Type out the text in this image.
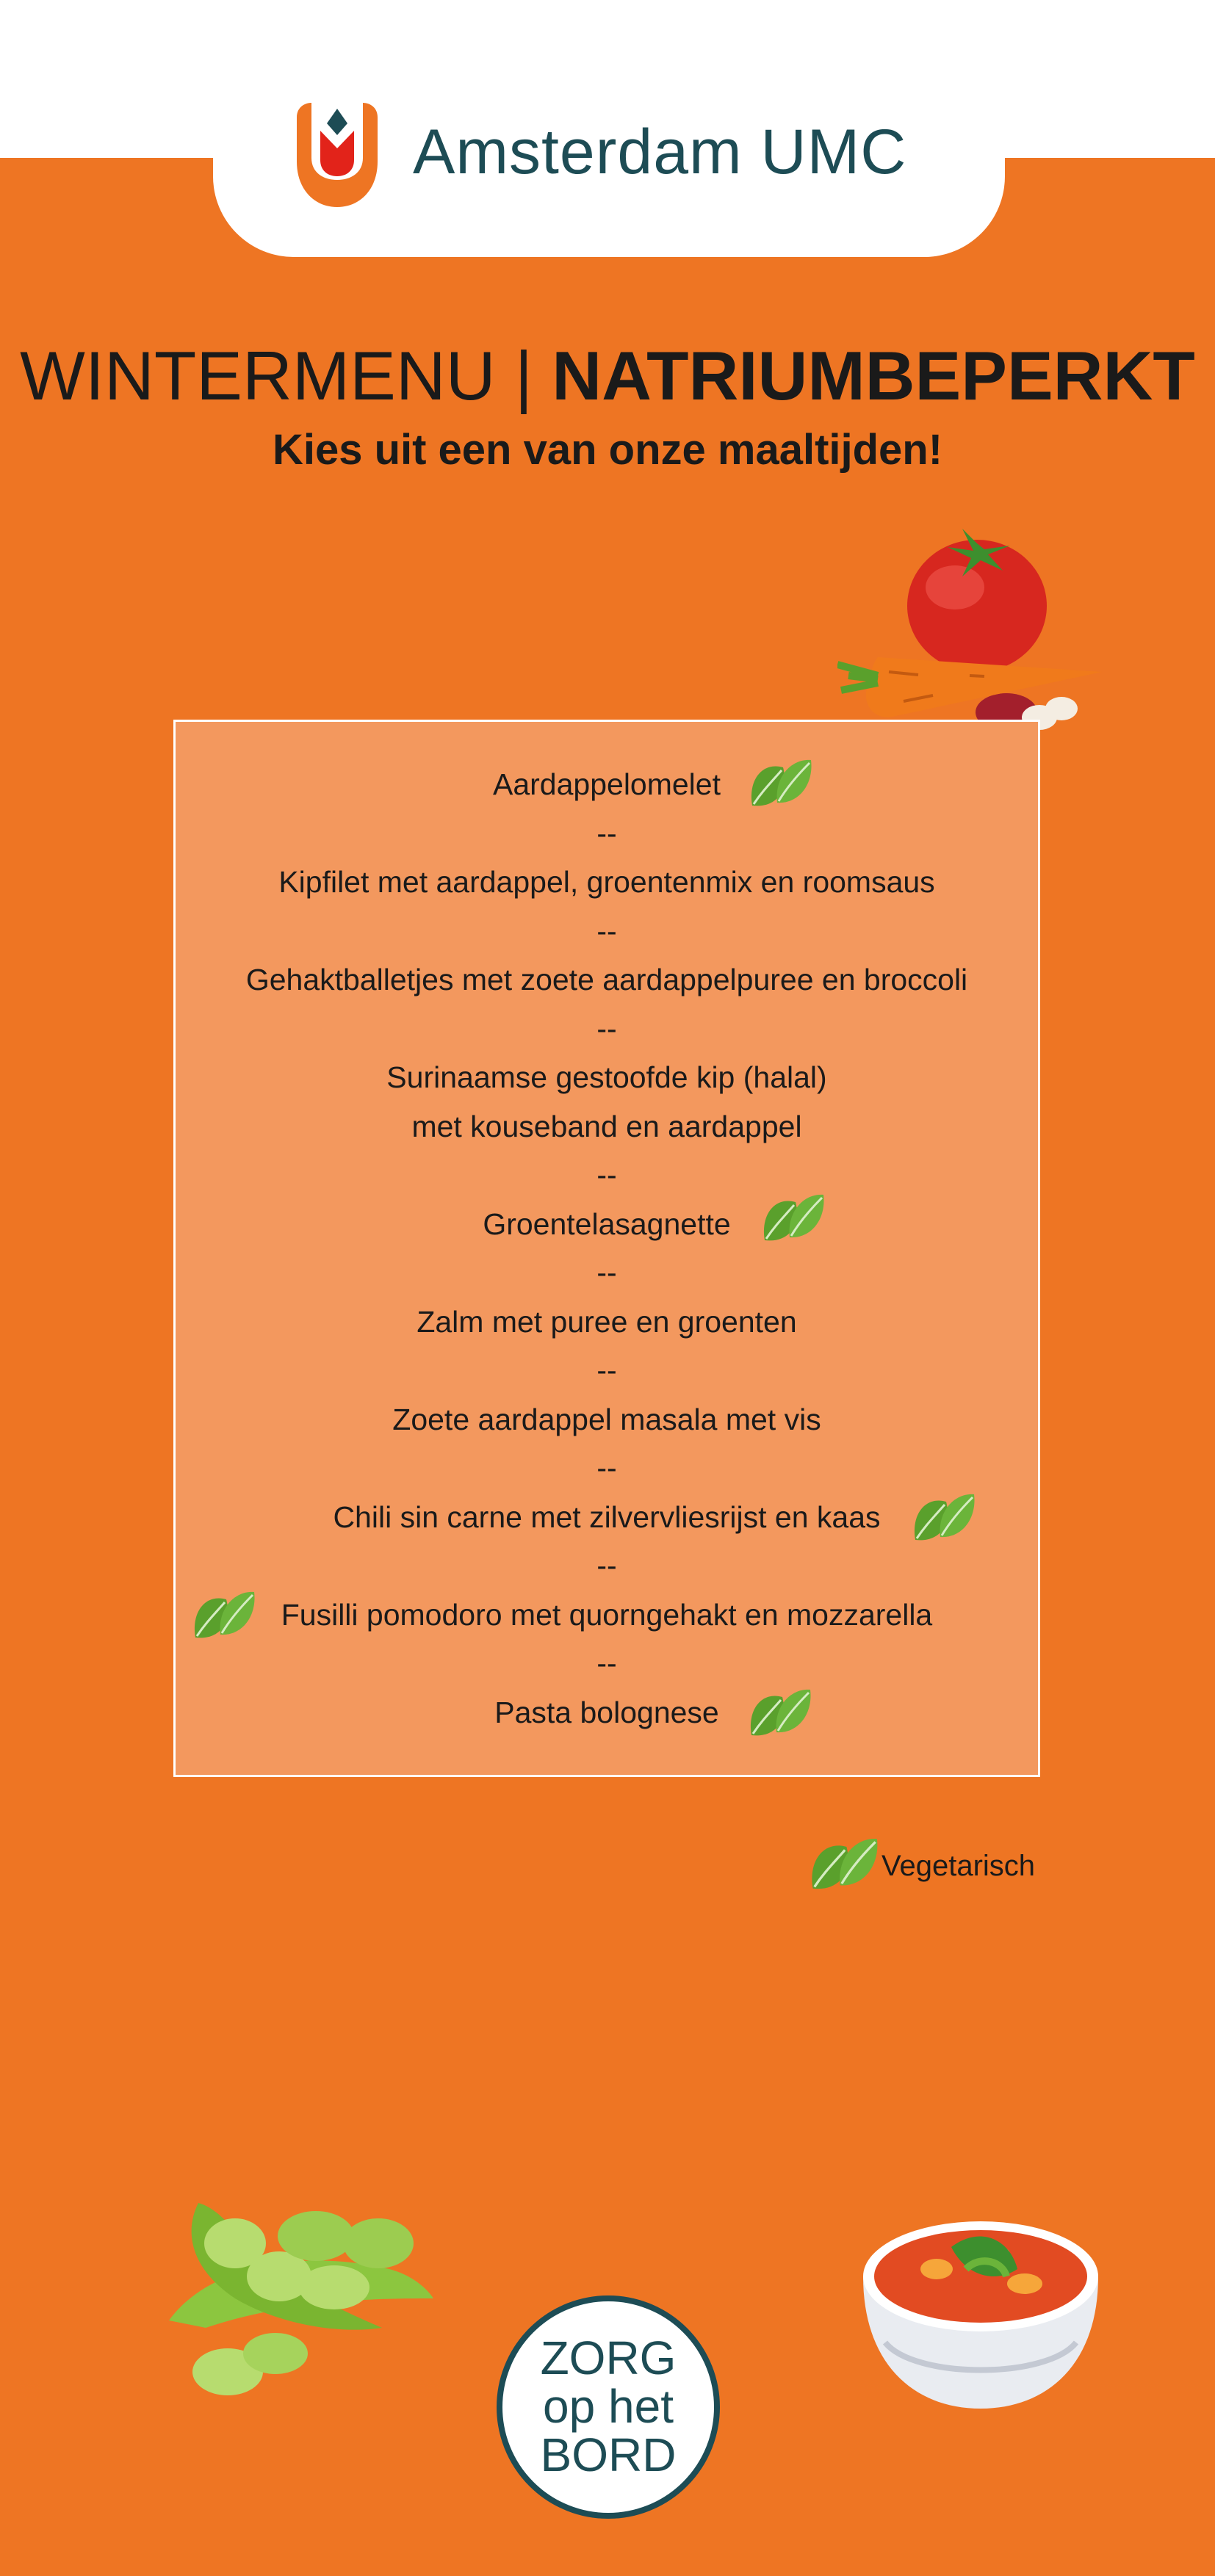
Amsterdam UMC
WINTERMENU | NATRIUMBEPERKT
Kies uit een van onze maaltijden!
Aardappelomelet
--
Kipfilet met aardappel, groentenmix en roomsaus
--
Gehaktballetjes met zoete aardappelpuree en broccoli
--
Surinaamse gestoofde kip (halal)
met kouseband en aardappel
--
Groentelasagnette
--
Zalm met puree en groenten
--
Zoete aardappel masala met vis
--
Chili sin carne met zilvervliesrijst en kaas
--
Fusilli pomodoro met quorngehakt en mozzarella
--
Pasta bolognese
Vegetarisch
ZORG
op het
BORD
